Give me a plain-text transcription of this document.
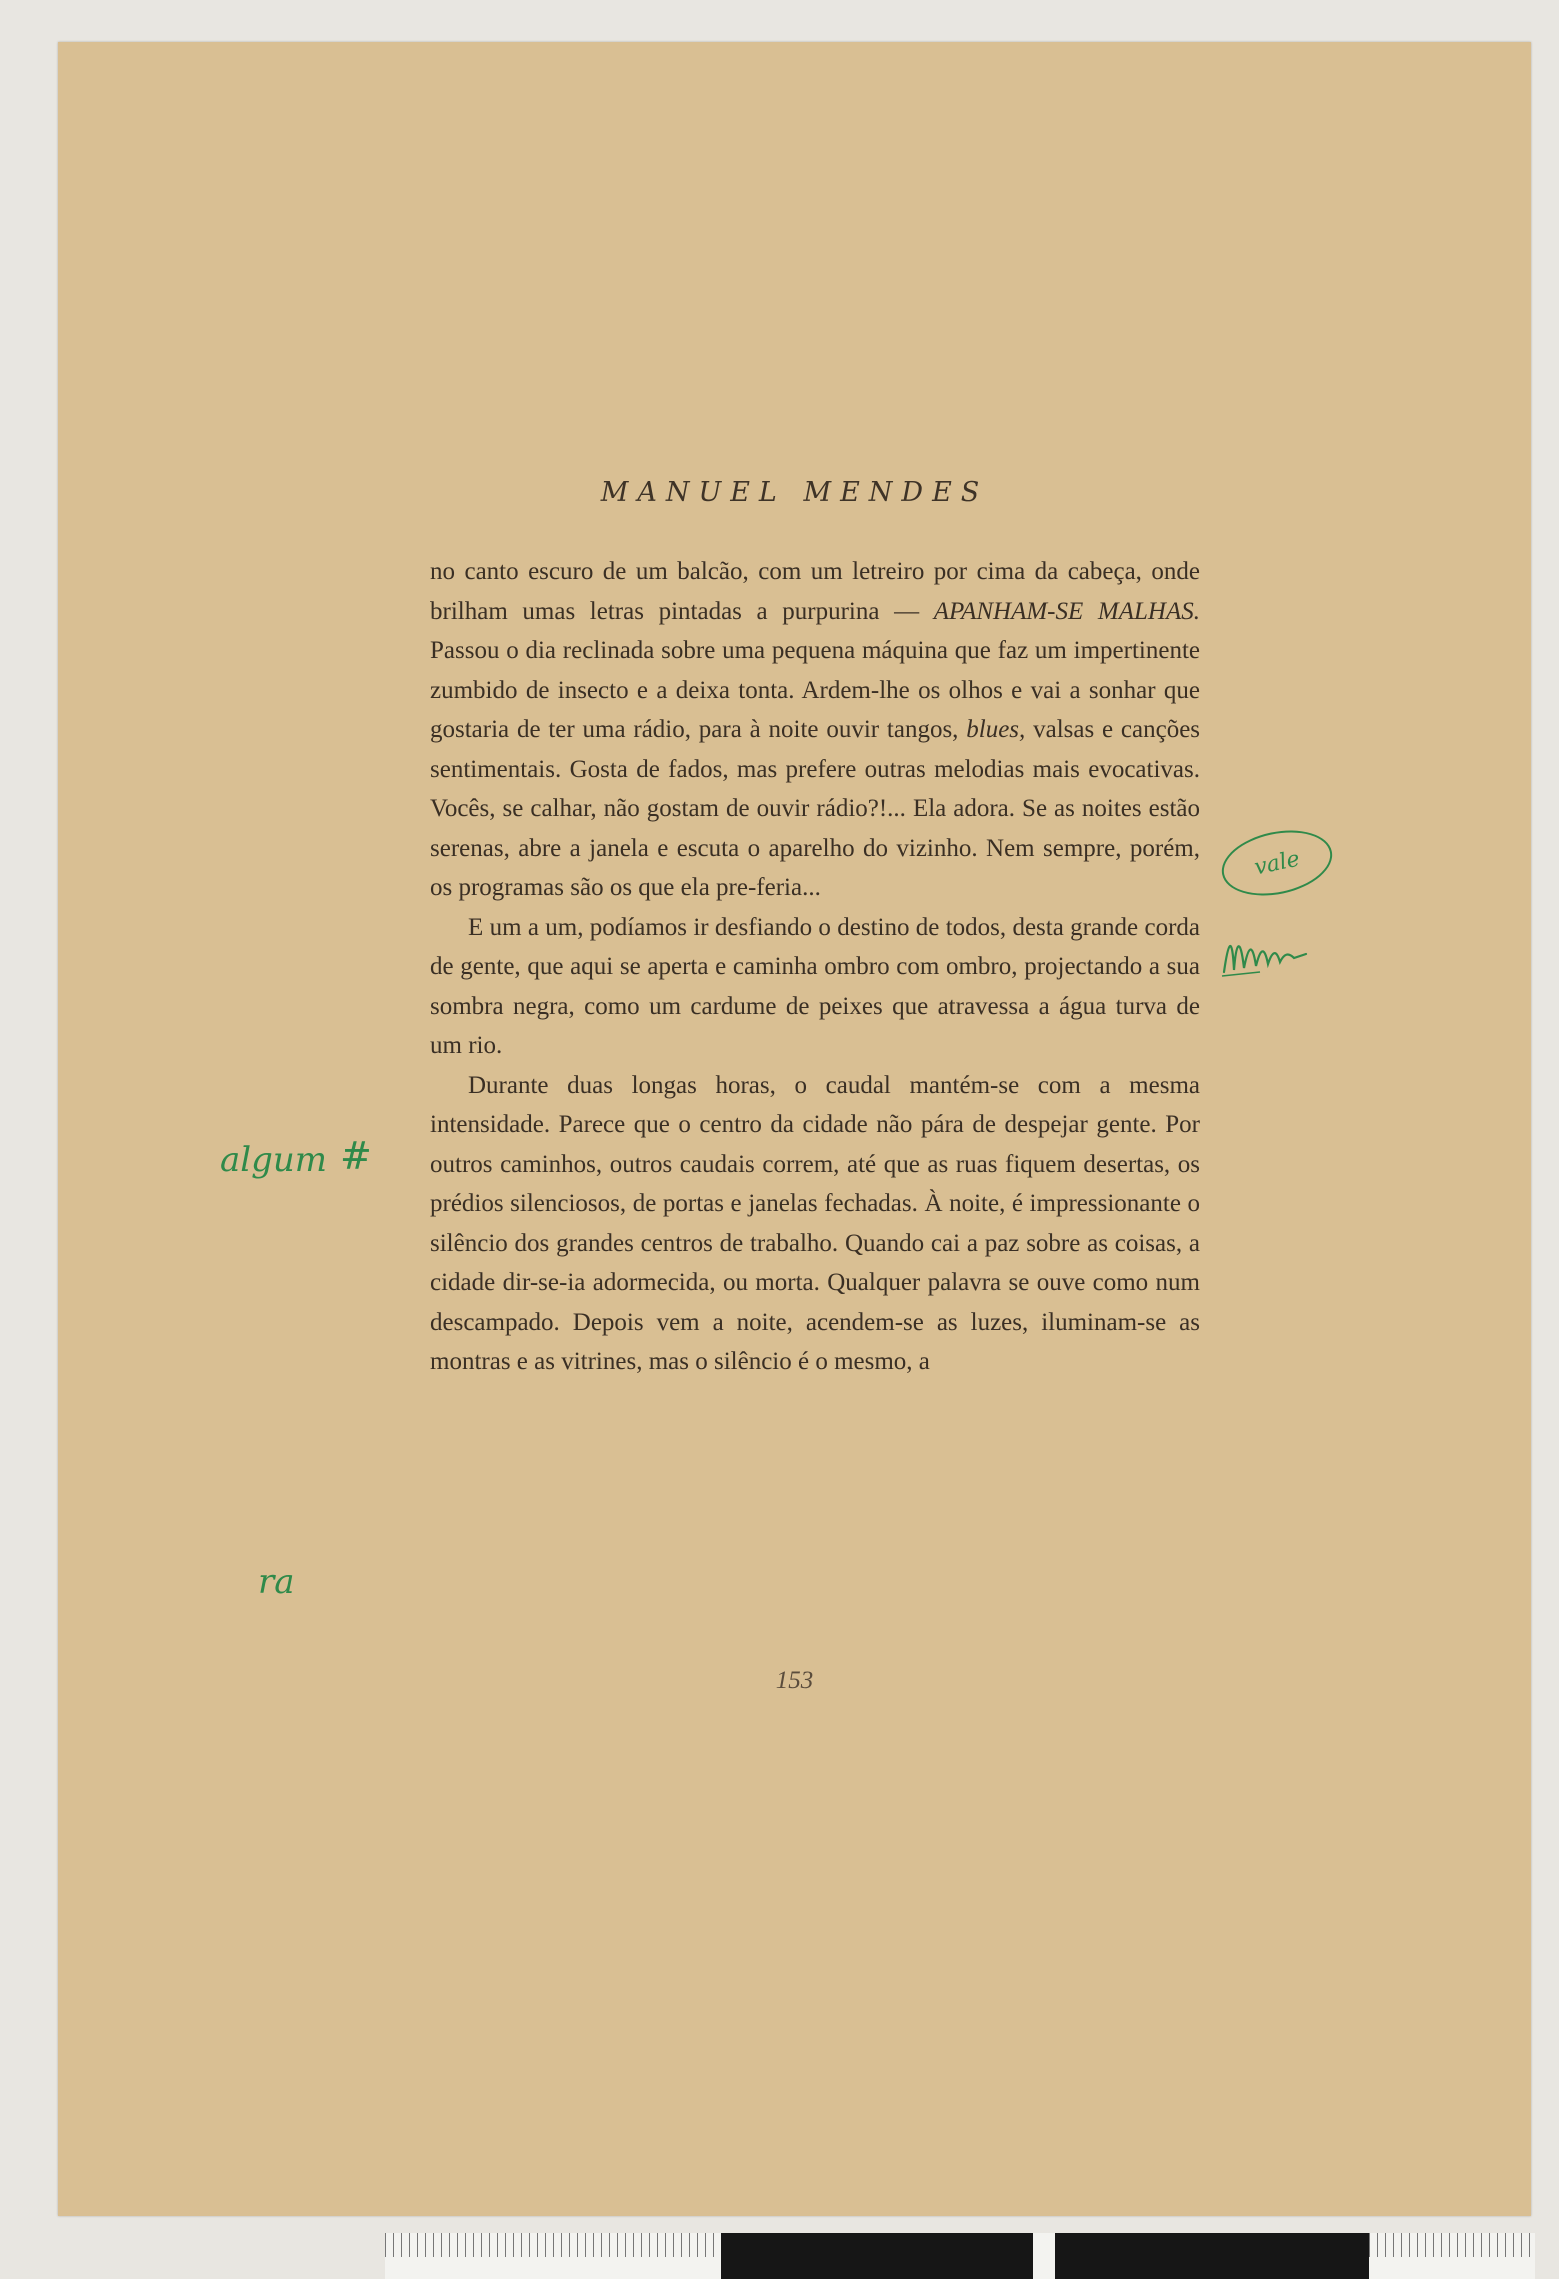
MANUEL MENDES

no canto escuro de um balcão, com um letreiro por cima da cabeça, onde brilham umas letras pintadas a purpurina — APANHAM-SE MALHAS. Passou o dia reclinada sobre uma pequena máquina que faz um impertinente zumbido de insecto e a deixa tonta. Ardem-lhe os olhos e vai a sonhar que gostaria de ter uma rádio, para à noite ouvir tangos, blues, valsas e canções sentimentais. Gosta de fados, mas prefere outras melodias mais evocativas. Vocês, se calhar, não gostam de ouvir rádio?!... Ela adora. Se as noites estão serenas, abre a janela e escuta o aparelho do vizinho. Nem sempre, porém, os programas são os que ela pre-feria...

E um a um, podíamos ir desfiando o destino de todos, desta grande corda de gente, que aqui se aperta e caminha ombro com ombro, projectando a sua sombra negra, como um cardume de peixes que atravessa a água turva de um rio.

Durante duas longas horas, o caudal mantém-se com a mesma intensidade. Parece que o centro da cidade não pára de despejar gente. Por outros caminhos, outros caudais correm, até que as ruas fiquem desertas, os prédios silenciosos, de portas e janelas fechadas. À noite, é impressionante o silêncio dos grandes centros de trabalho. Quando cai a paz sobre as coisas, a cidade dir-se-ia adormecida, ou morta. Qualquer palavra se ouve como num descampado. Depois vem a noite, acendem-se as luzes, iluminam-se as montras e as vitrines, mas o silêncio é o mesmo, a

153
vale
algum #
ra
